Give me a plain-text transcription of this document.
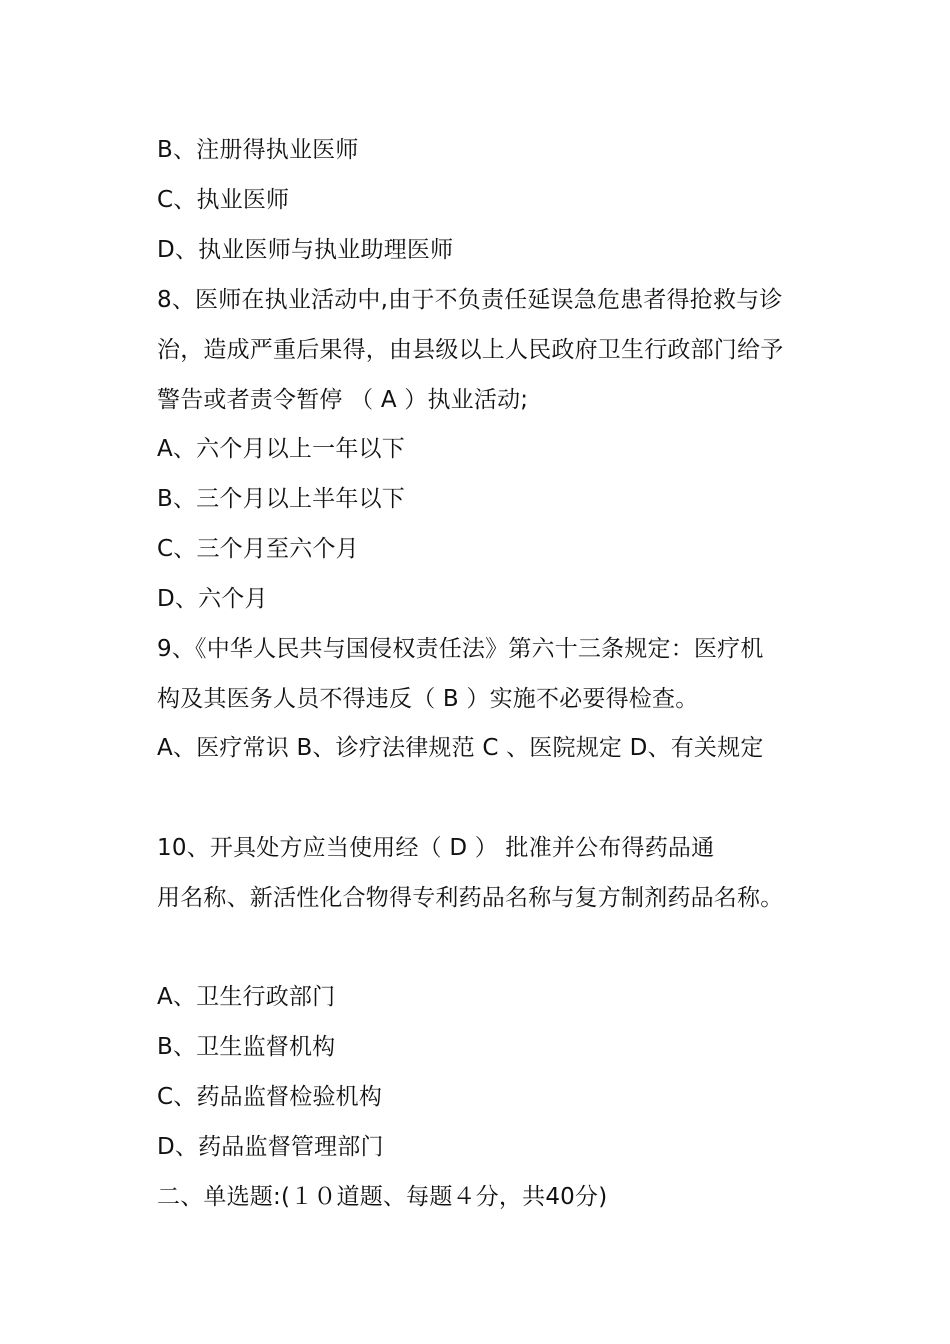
B、注册得执业医师
C、执业医师
D、执业医师与执业助理医师
8、医师在执业活动中,由于不负责任延误急危患者得抢救与诊
治，造成严重后果得，由县级以上人民政府卫生行政部门给予
警告或者责令暂停 （ A ）执业活动;
A、六个月以上一年以下
B、三个月以上半年以下
C、三个月至六个月
D、六个月
9、《中华人民共与国侵权责任法》第六十三条规定：医疗机
构及其医务人员不得违反（ B ）实施不必要得检查。
A、医疗常识 B、诊疗法律规范 C 、医院规定 D、有关规定
10、开具处方应当使用经（ D ） 批准并公布得药品通
用名称、新活性化合物得专利药品名称与复方制剂药品名称。
A、卫生行政部门
B、卫生监督机构
C、药品监督检验机构
D、药品监督管理部门
二、单选题:(１０道题、每题４分，共40分)
